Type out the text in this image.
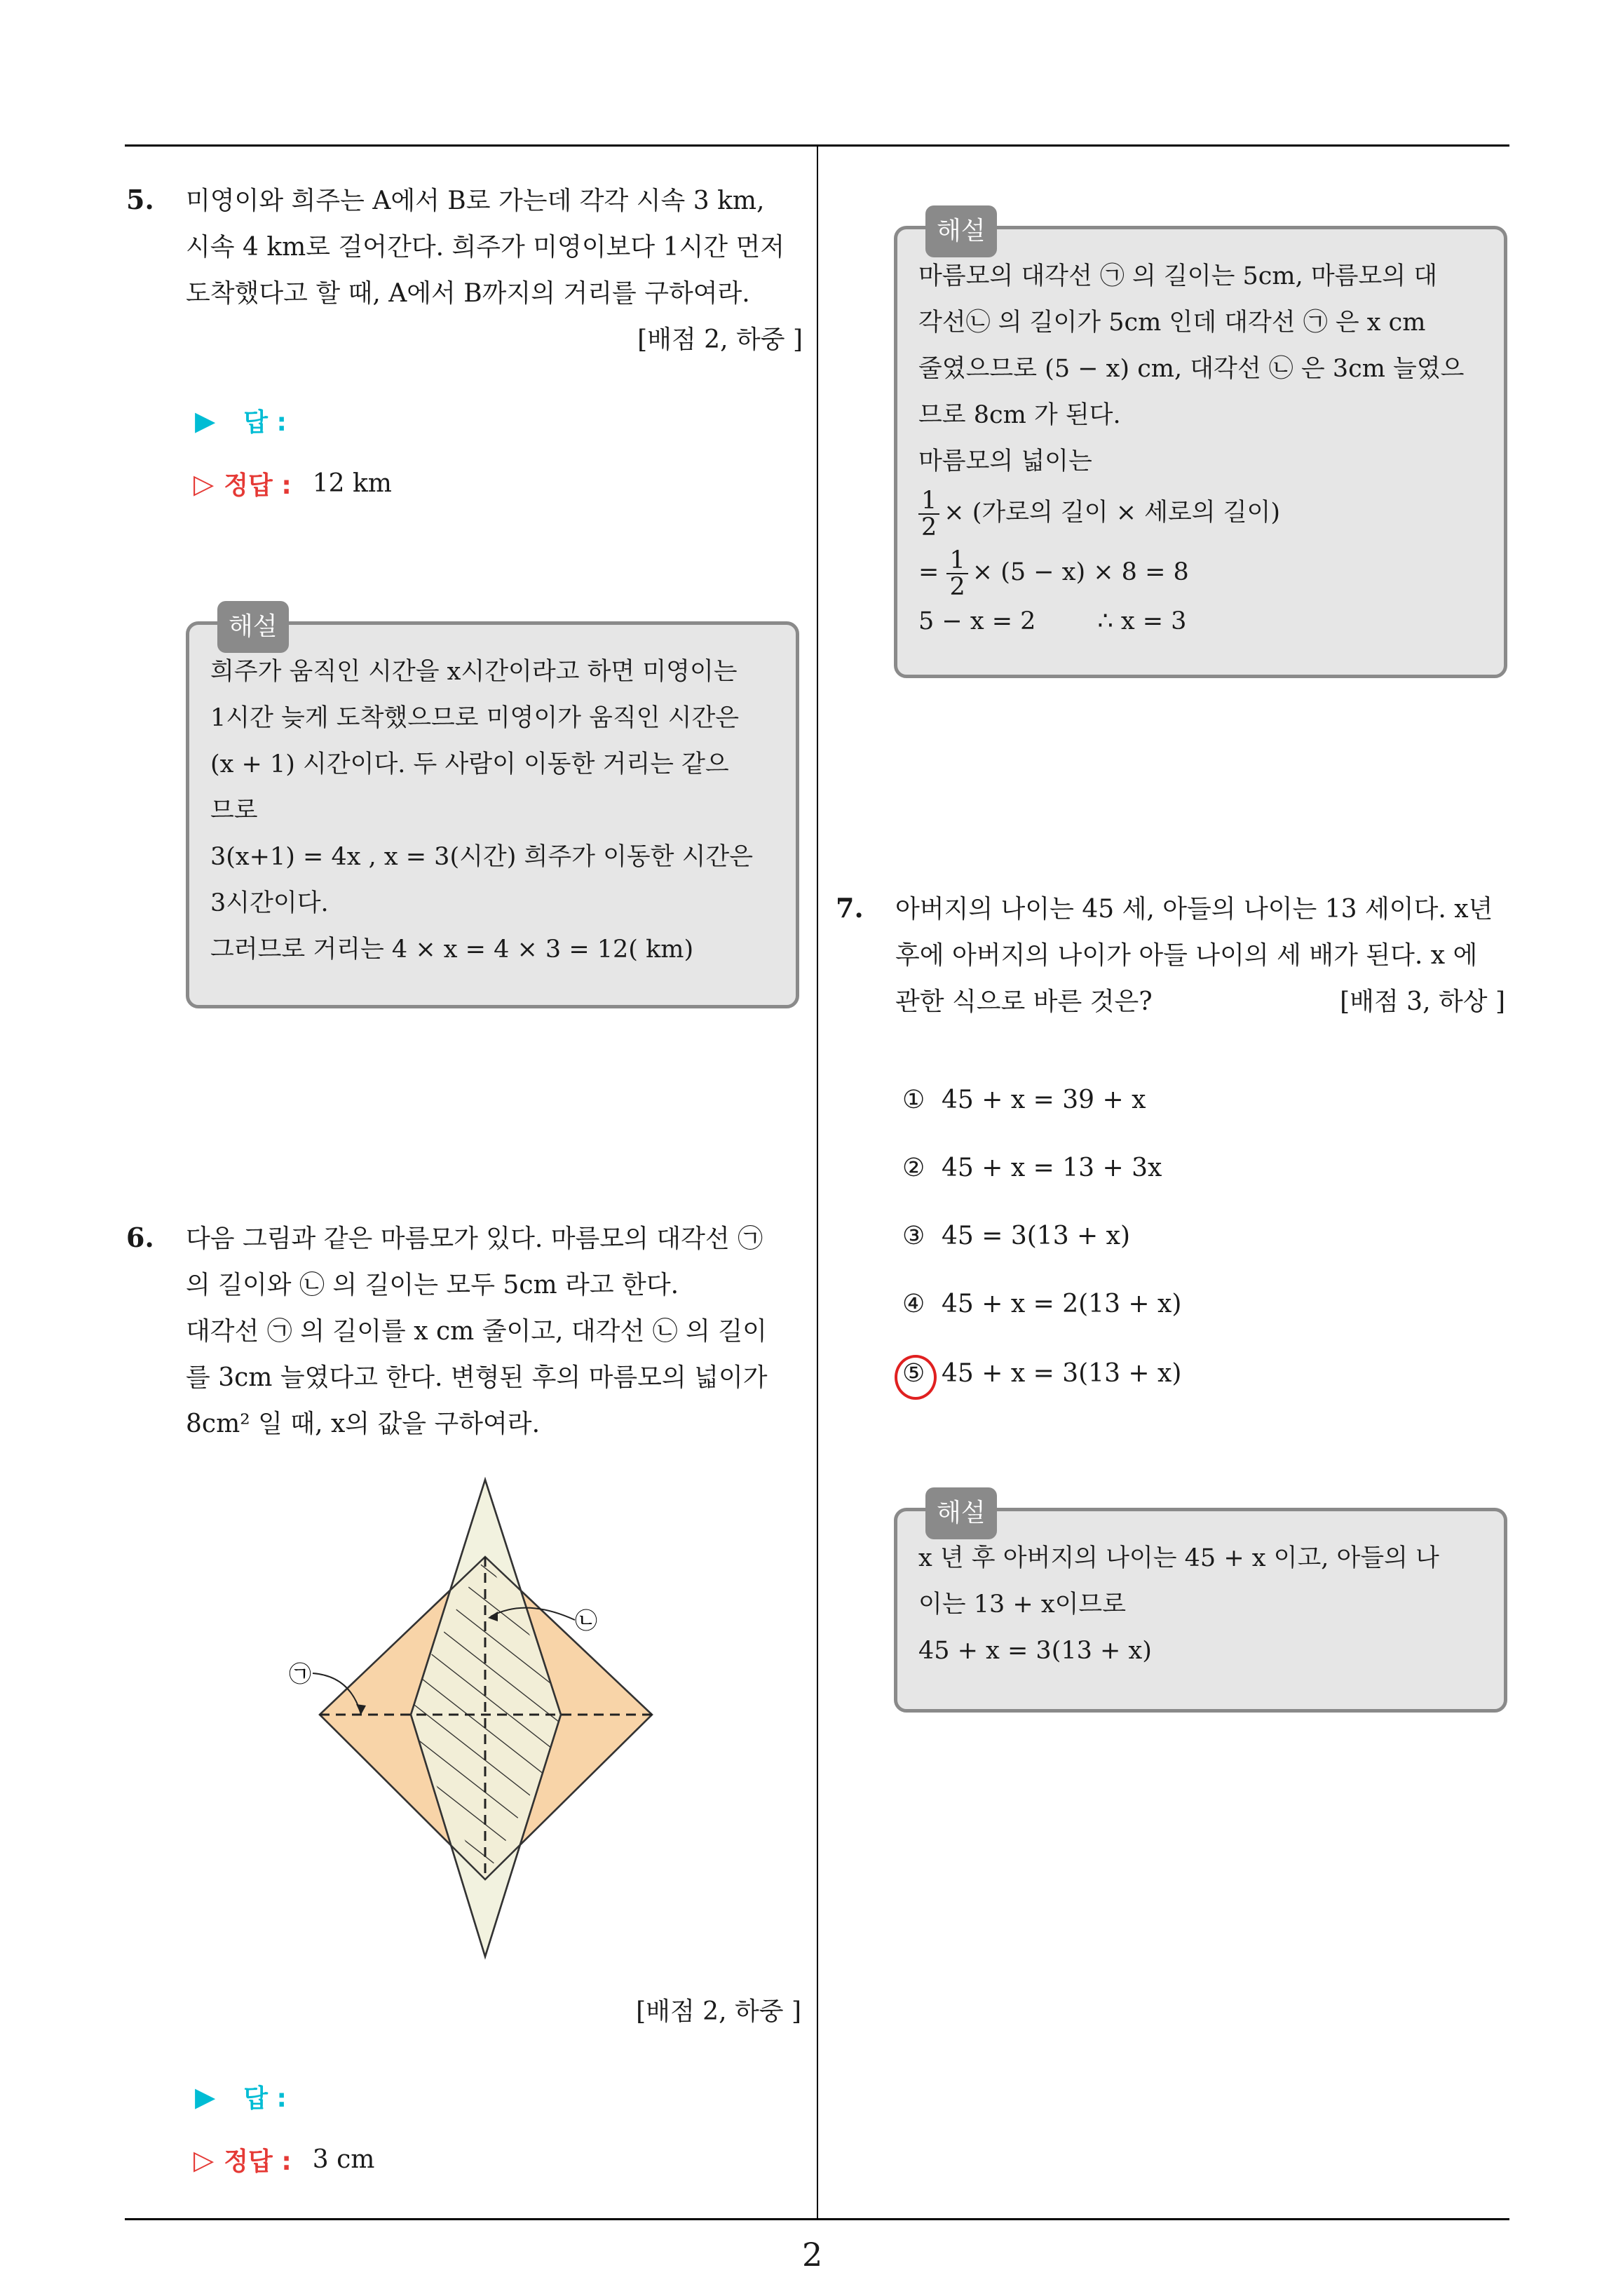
5. 미영이와 희주는 A에서 B로 가는데 각각 시속 3 km,
시속 4 km로 걸어간다. 희주가 미영이보다 1시간 먼저
도착했다고 할 때, A에서 B까지의 거리를 구하여라.
[배점 2, 하중 ]
▶ 답 :
▷ 정답 : 12 km
해설
희주가 움직인 시간을 x시간이라고 하면 미영이는
1시간 늦게 도착했으므로 미영이가 움직인 시간은
(x + 1) 시간이다. 두 사람이 이동한 거리는 같으
므로
3(x+1) = 4x , x = 3(시간) 희주가 이동한 시간은
3시간이다.
그러므로 거리는 4 × x = 4 × 3 = 12( km)
6. 다음 그림과 같은 마름모가 있다. 마름모의 대각선 ㉠
의 길이와 ㉡ 의 길이는 모두 5cm 라고 한다.
대각선 ㉠ 의 길이를 x cm 줄이고, 대각선 ㉡ 의 길이
를 3cm 늘였다고 한다. 변형된 후의 마름모의 넓이가
8cm² 일 때, x의 값을 구하여라.
㉠
㉡
[배점 2, 하중 ]
▶ 답 :
▷ 정답 : 3 cm
해설
마름모의 대각선 ㉠ 의 길이는 5cm, 마름모의 대
각선㉡ 의 길이가 5cm 인데 대각선 ㉠ 은 x cm
줄였으므로 (5 − x) cm, 대각선 ㉡ 은 3cm 늘였으
므로 8cm 가 된다.
마름모의 넓이는
$\frac{1}{2}$ × (가로의 길이 × 세로의 길이)
= $\frac{1}{2} \times (5 - x) \times 8 = 8$
5 − x = 2	∴ x = 3
7. 아버지의 나이는 45 세, 아들의 나이는 13 세이다. x년
후에 아버지의 나이가 아들 나이의 세 배가 된다. x 에
관한 식으로 바른 것은?	[배점 3, 하상 ]
① 45 + x = 39 + x
② 45 + x = 13 + 3x
③ 45 = 3(13 + x)
④ 45 + x = 2(13 + x)
⑤ 45 + x = 3(13 + x)
해설
x 년 후 아버지의 나이는 45 + x 이고, 아들의 나
이는 13 + x이므로
45 + x = 3(13 + x)
2
